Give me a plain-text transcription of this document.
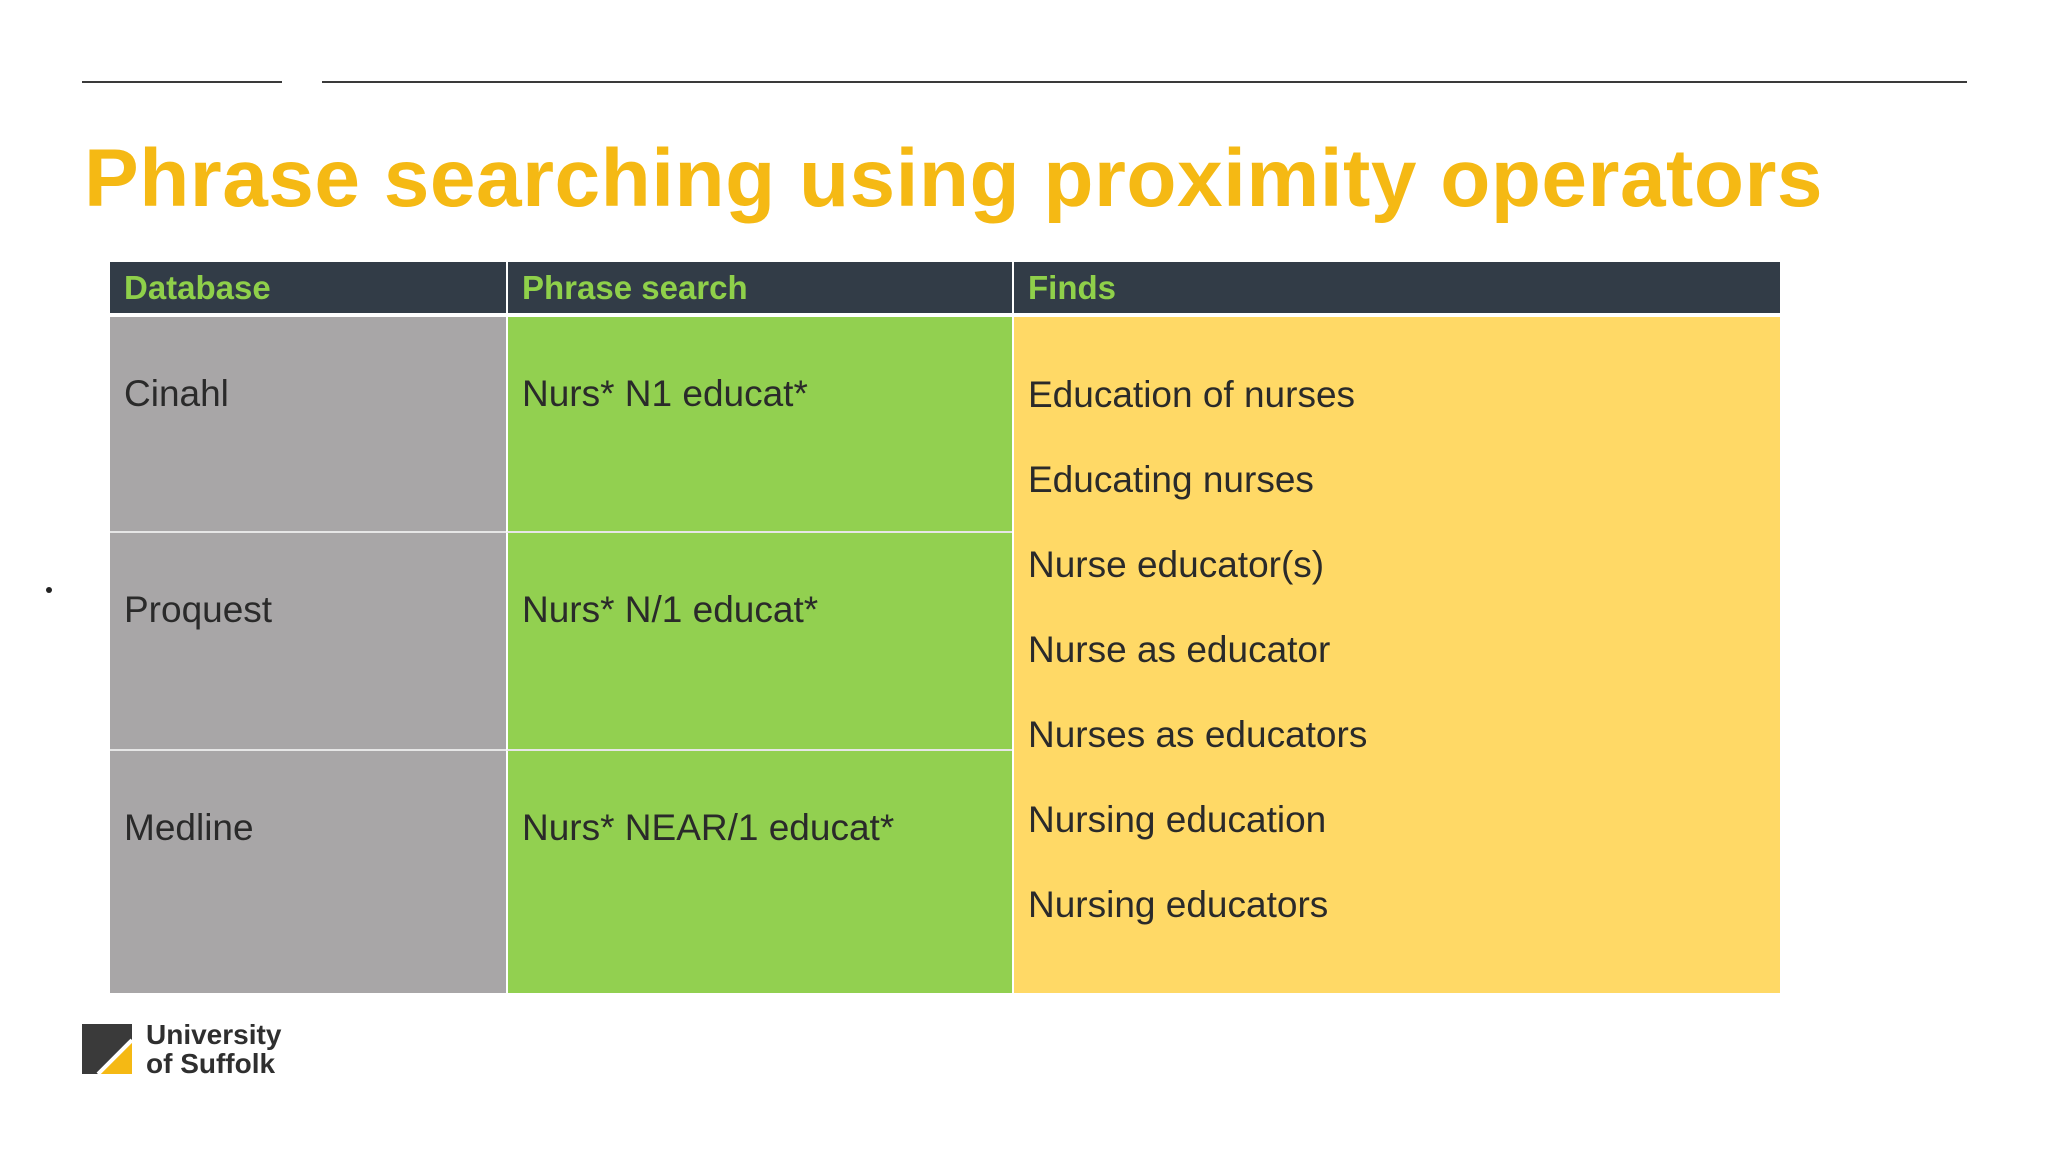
Phrase searching using proximity operators
Database	Phrase search	Finds
Cinahl	Nurs* N1 educat*
Proquest	Nurs* N/1 educat*
Medline	Nurs* NEAR/1 educat*
Education of nurses
Educating nurses
Nurse educator(s)
Nurse as educator
Nurses as educators
Nursing education
Nursing educators
University
of Suffolk
